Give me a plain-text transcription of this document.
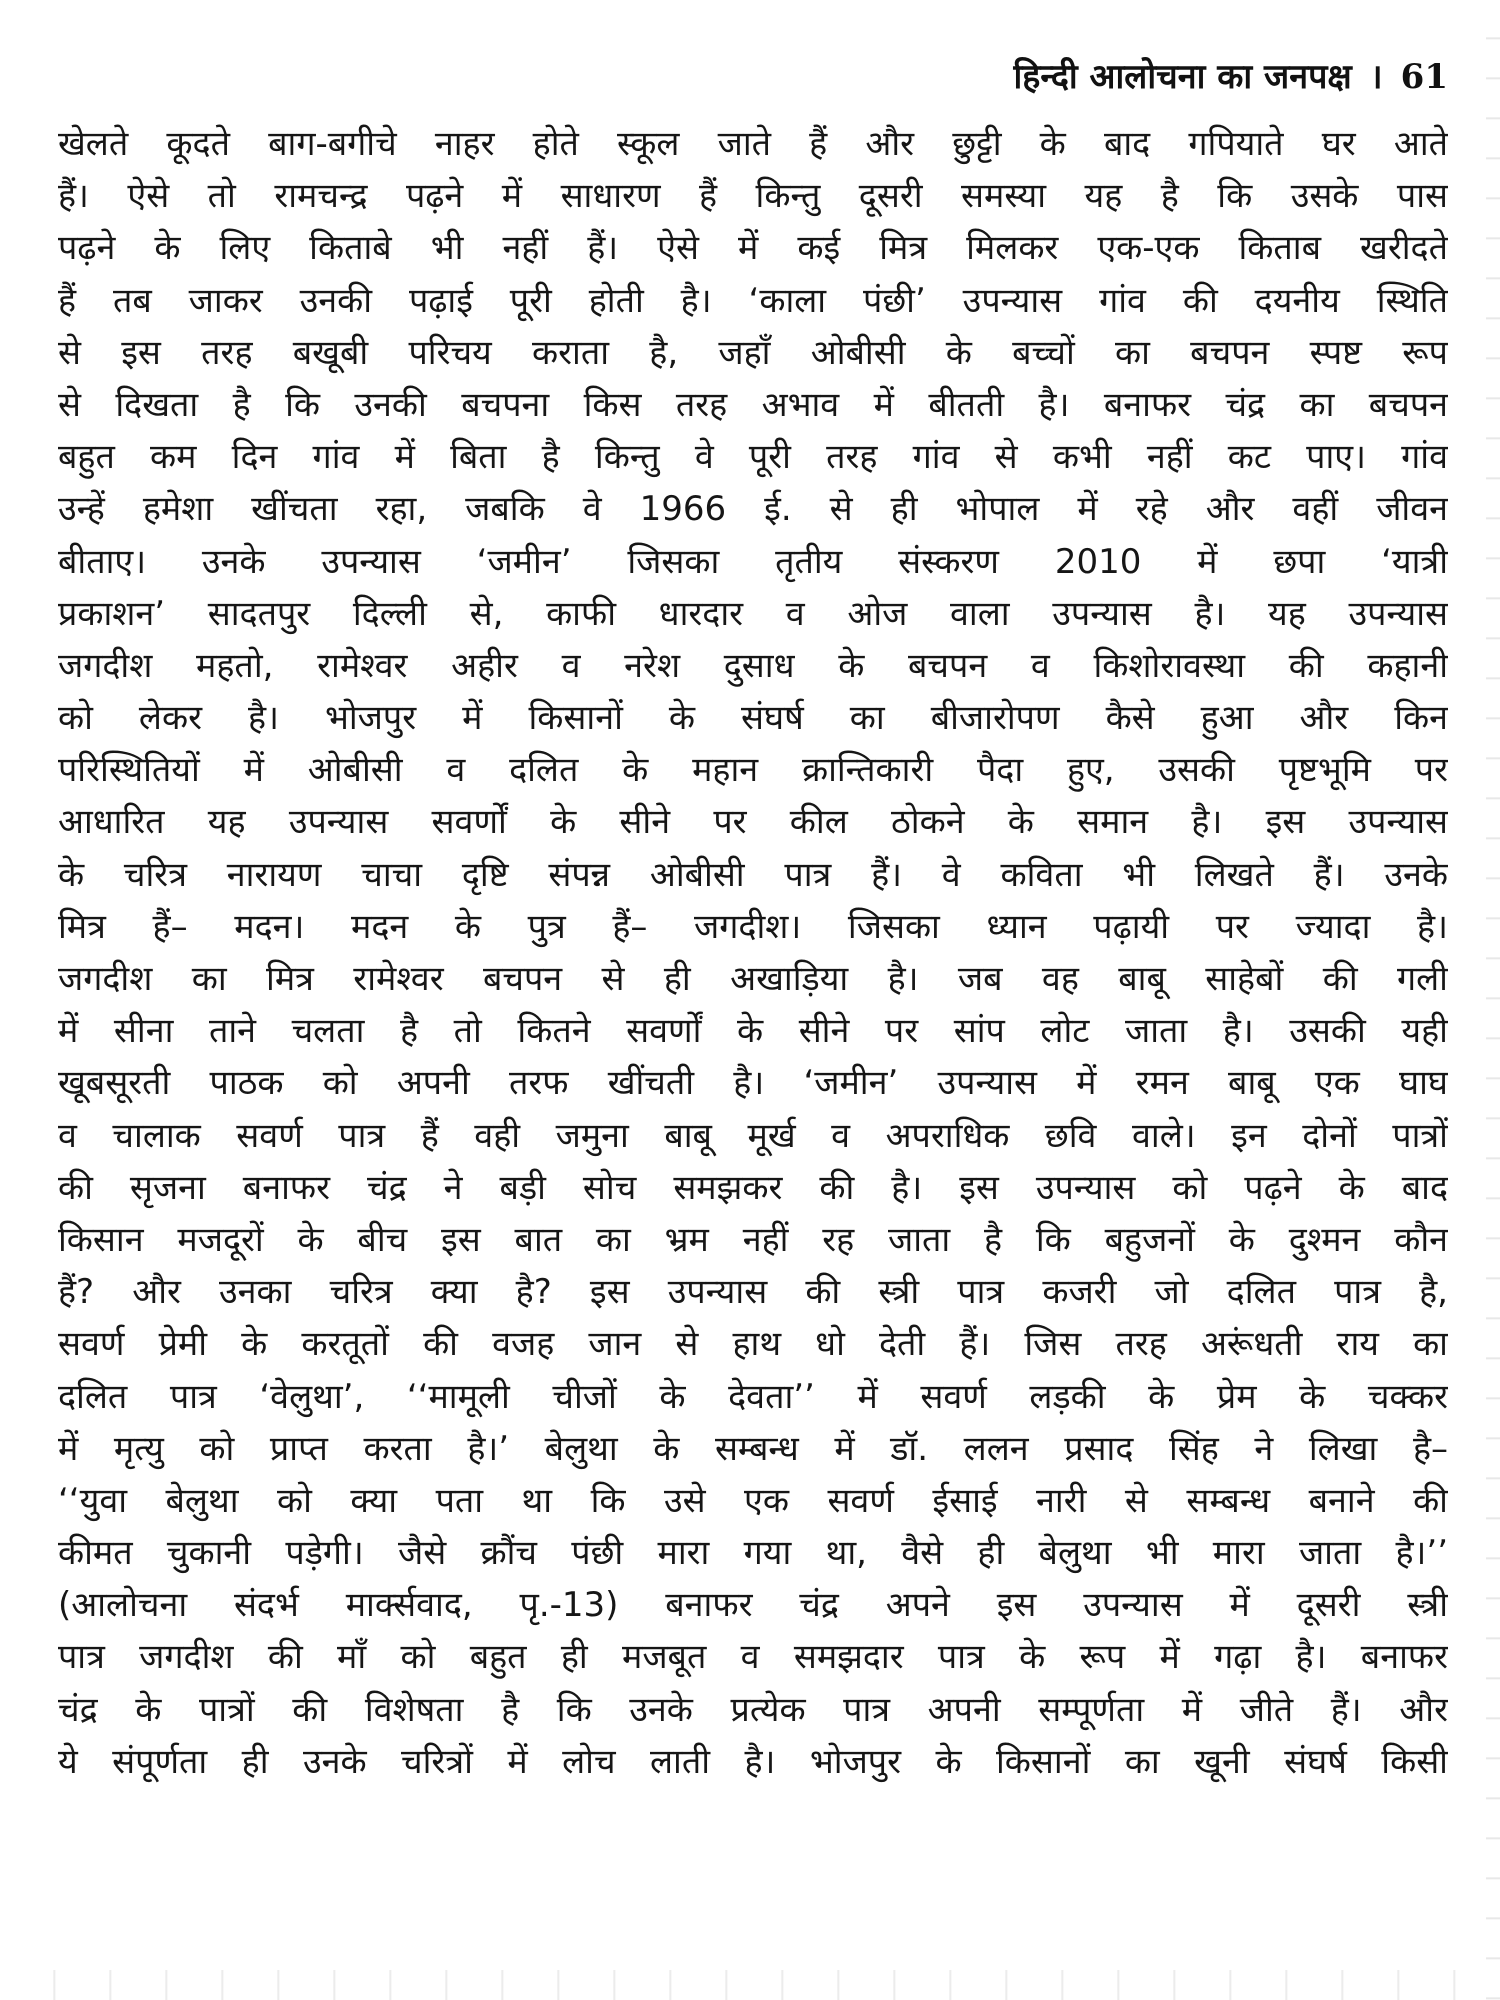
हिन्दी आलोचना का जनपक्ष । 61
खेलते कूदते बाग-बगीचे नाहर होते स्कूल जाते हैं और छुट्टी के बाद गपियाते घर आते
हैं। ऐसे तो रामचन्द्र पढ़ने में साधारण हैं किन्तु दूसरी समस्या यह है कि उसके पास
पढ़ने के लिए किताबे भी नहीं हैं। ऐसे में कई मित्र मिलकर एक-एक किताब खरीदते
हैं तब जाकर उनकी पढ़ाई पूरी होती है। ‘काला पंछी’ उपन्यास गांव की दयनीय स्थिति
से इस तरह बखूबी परिचय कराता है, जहाँ ओबीसी के बच्चों का बचपन स्पष्ट रूप
से दिखता है कि उनकी बचपना किस तरह अभाव में बीतती है। बनाफर चंद्र का बचपन
बहुत कम दिन गांव में बिता है किन्तु वे पूरी तरह गांव से कभी नहीं कट पाए। गांव
उन्हें हमेशा खींचता रहा, जबकि वे 1966 ई. से ही भोपाल में रहे और वहीं जीवन
बीताए। उनके उपन्यास ‘जमीन’ जिसका तृतीय संस्करण 2010 में छपा ‘यात्री
प्रकाशन’ सादतपुर दिल्ली से, काफी धारदार व ओज वाला उपन्यास है। यह उपन्यास
जगदीश महतो, रामेश्वर अहीर व नरेश दुसाध के बचपन व किशोरावस्था की कहानी
को लेकर है। भोजपुर में किसानों के संघर्ष का बीजारोपण कैसे हुआ और किन
परिस्थितियों में ओबीसी व दलित के महान क्रान्तिकारी पैदा हुए, उसकी पृष्टभूमि पर
आधारित यह उपन्यास सवर्णों के सीने पर कील ठोकने के समान है। इस उपन्यास
के चरित्र नारायण चाचा दृष्टि संपन्न ओबीसी पात्र हैं। वे कविता भी लिखते हैं। उनके
मित्र हैं– मदन। मदन के पुत्र हैं– जगदीश। जिसका ध्यान पढ़ायी पर ज्यादा है।
जगदीश का मित्र रामेश्वर बचपन से ही अखाड़िया है। जब वह बाबू साहेबों की गली
में सीना ताने चलता है तो कितने सवर्णों के सीने पर सांप लोट जाता है। उसकी यही
खूबसूरती पाठक को अपनी तरफ खींचती है। ‘जमीन’ उपन्यास में रमन बाबू एक घाघ
व चालाक सवर्ण पात्र हैं वही जमुना बाबू मूर्ख व अपराधिक छवि वाले। इन दोनों पात्रों
की सृजना बनाफर चंद्र ने बड़ी सोच समझकर की है। इस उपन्यास को पढ़ने के बाद
किसान मजदूरों के बीच इस बात का भ्रम नहीं रह जाता है कि बहुजनों के दुश्मन कौन
हैं? और उनका चरित्र क्या है? इस उपन्यास की स्त्री पात्र कजरी जो दलित पात्र है,
सवर्ण प्रेमी के करतूतों की वजह जान से हाथ धो देती हैं। जिस तरह अरूंधती राय का
दलित पात्र ‘वेलुथा’, ‘‘मामूली चीजों के देवता’’ में सवर्ण लड़की के प्रेम के चक्कर
में मृत्यु को प्राप्त करता है।’ बेलुथा के सम्बन्ध में डॉ. ललन प्रसाद सिंह ने लिखा है–
‘‘युवा बेलुथा को क्या पता था कि उसे एक सवर्ण ईसाई नारी से सम्बन्ध बनाने की
कीमत चुकानी पड़ेगी। जैसे क्रौंच पंछी मारा गया था, वैसे ही बेलुथा भी मारा जाता है।’’
(आलोचना संदर्भ मार्क्सवाद, पृ.-13) बनाफर चंद्र अपने इस उपन्यास में दूसरी स्त्री
पात्र जगदीश की माँ को बहुत ही मजबूत व समझदार पात्र के रूप में गढ़ा है। बनाफर
चंद्र के पात्रों की विशेषता है कि उनके प्रत्येक पात्र अपनी सम्पूर्णता में जीते हैं। और
ये संपूर्णता ही उनके चरित्रों में लोच लाती है। भोजपुर के किसानों का खूनी संघर्ष किसी
